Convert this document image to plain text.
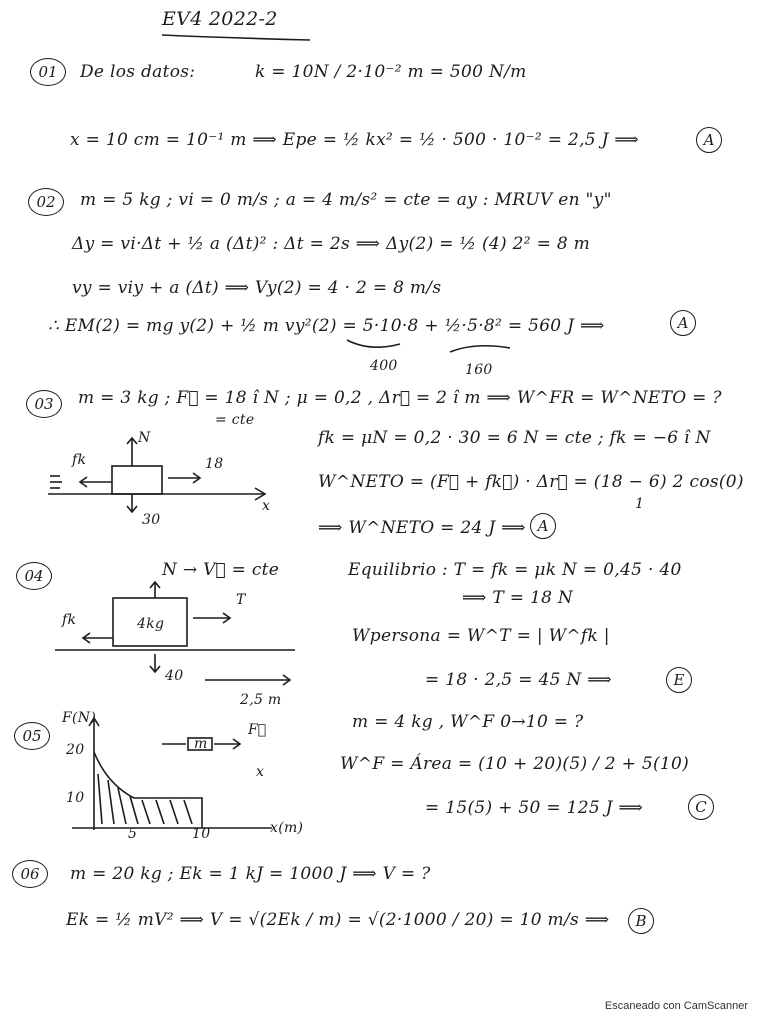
EV4 2022-2
01	De los datos:	k = 10N / 2·10⁻² m = 500 N/m
x = 10 cm = 10⁻¹ m ⟹ Epe = ½ kx² = ½ · 500 · 10⁻² = 2,5 J ⟹	A
02	m = 5 kg ; vi = 0 m/s ; a = 4 m/s² = cte = ay : MRUV en "y"
Δy = vi·Δt + ½ a (Δt)² : Δt = 2s ⟹ Δy(2) = ½ (4) 2² = 8 m
vy = viy + a (Δt) ⟹ Vy(2) = 4 · 2 = 8 m/s
∴ EM(2) = mg y(2) + ½ m vy²(2) = 5·10·8 + ½·5·8² = 560 J ⟹
400	160
A
03	m = 3 kg ; F⃗ = 18 î N ; μ = 0,2 , Δr⃗ = 2 î m ⟹ W^FR = W^NETO = ?
= cte
fk = μN = 0,2 · 30 = 6 N = cte ; fk = −6 î N
W^NETO = (F⃗ + fk⃗) · Δr⃗ = (18 − 6) 2 cos(0)
1
⟹ W^NETO = 24 J ⟹ A
N
fk	18
30
x
04	N → V⃗ = cte	Equilibrio : T = fk = μk N = 0,45 · 40
⟹ T = 18 N
Wpersona = W^T = | W^fk |
= 18 · 2,5 = 45 N ⟹	E
fk	4kg
T
40
2,5 m
05
m = 4 kg , W^F 0→10 = ?
W^F = Área = (10 + 20)(5) / 2 + 5(10)
= 15(5) + 50 = 125 J ⟹	C
F(N)
20
10
5	10	x(m)
m
F⃗
x
06	m = 20 kg ; Ek = 1 kJ = 1000 J ⟹ V = ?
Ek = ½ mV² ⟹ V = √(2Ek / m) = √(2·1000 / 20) = 10 m/s ⟹	B
Escaneado con CamScanner
